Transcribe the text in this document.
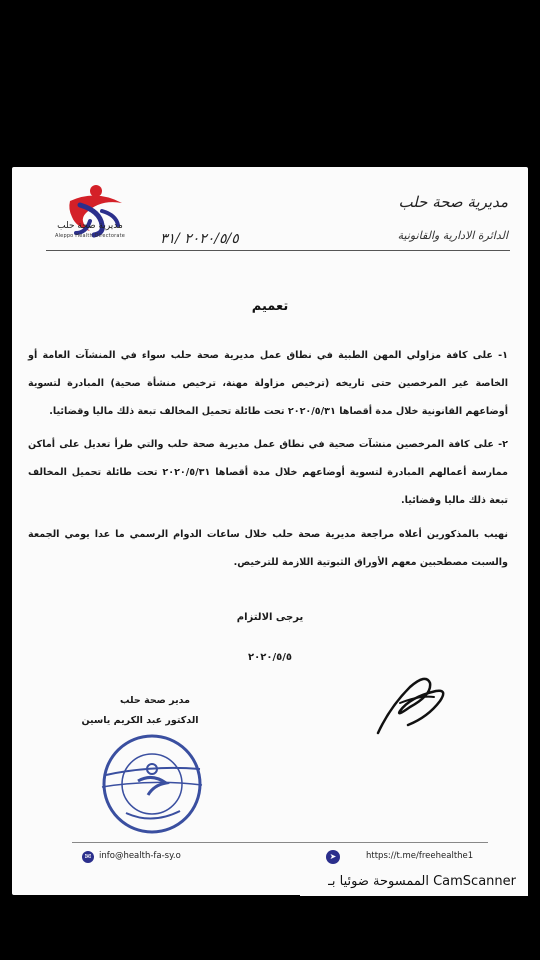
مديرية صحة حلب
Aleppo Health Directorate
مديرية صحة حلب
الدائرة الادارية والقانونية
٢٠٢٠/٥/٥ /٣١
تعميم
١- على كافة مزاولي المهن الطبية في نطاق عمل مديرية صحة حلب سواء في المنشآت العامة أو الخاصة غير المرخصين حتى تاريخه (ترخيص مزاولة مهنة، ترخيص منشأة صحية) المبادرة لتسوية أوضاعهم القانونية خلال مدة أقصاها ٢٠٢٠/٥/٣١ تحت طائلة تحميل المخالف تبعة ذلك ماليا وقضائيا.
٢- على كافة المرخصين منشآت صحية في نطاق عمل مديرية صحة حلب والتي طرأ تعديل على أماكن ممارسة أعمالهم المبادرة لتسوية أوضاعهم خلال مدة أقصاها ٢٠٢٠/٥/٣١ تحت طائلة تحميل المخالف تبعة ذلك ماليا وقضائيا.
نهيب بالمذكورين أعلاه مراجعة مديرية صحة حلب خلال ساعات الدوام الرسمي ما عدا يومي الجمعة والسبت مصطحبين معهم الأوراق الثبوتية اللازمة للترخيص.
يرجى الالتزام
٢٠٢٠/٥/٥
مدير صحة حلب
الدكتور عبد الكريم ياسين
✉ info@health-fa-sy.o	➤	https://t.me/freehealthe1
CamScanner الممسوحة ضوئيا بـ
